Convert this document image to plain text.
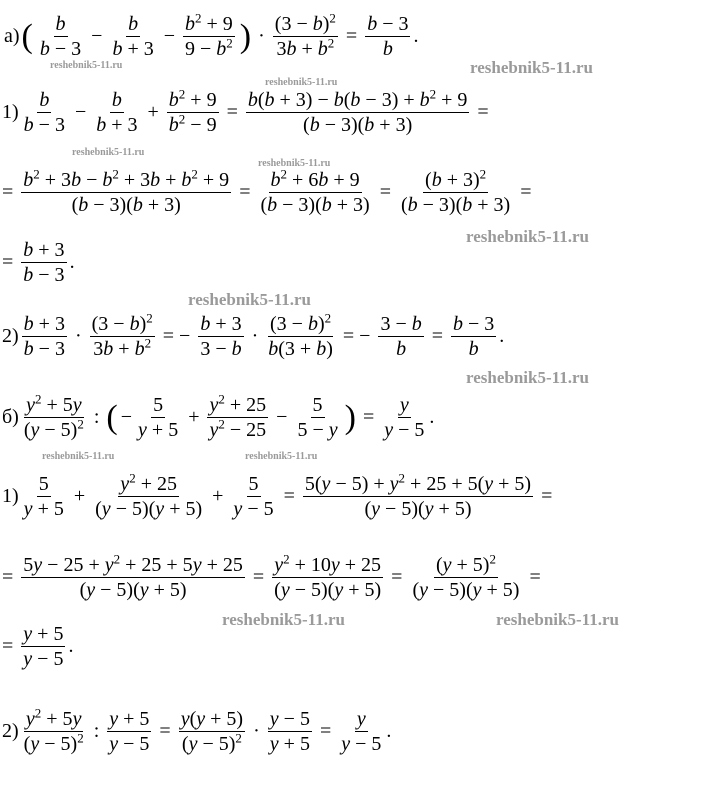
а) ( $\frac{b}{b - 3} - \frac{b}{b + 3} - \frac{b^2 + 9}{9 - b^2}$ ) · $\frac{(3 - b)^2}{3b + b^2} = \frac{b - 3}{b}$ .
$1) \frac{b}{b - 3} - \frac{b}{b + 3} + \frac{b^2 + 9}{b^2 - 9} = \frac{b(b + 3) - b(b - 3) + b^2 + 9}{(b - 3)(b + 3)}$ =
= $\frac{b^2 + 3b - b^2 + 3b + b^2 + 9}{(b - 3)(b + 3)} = \frac{b^2 + 6b + 9}{(b - 3)(b + 3)} = \frac{(b + 3)^2}{(b - 3)(b + 3)}$ =
= $\frac{b + 3}{b - 3}$ .
$2) \frac{b + 3}{b - 3} \cdot \frac{(3 - b)^2}{3b + b^2}$ = − $\frac{b + 3}{3 - b} \cdot \frac{(3 - b)^2}{b(3 + b)}$ = − $\frac{3 - b}{b} = \frac{b - 3}{b}$ .
$б) \frac{y^2 + 5y}{(y - 5)^2}$ : ( − $\frac{5}{y + 5} + \frac{y^2 + 25}{y^2 - 25} - \frac{5}{5 - y}$ ) = $\frac{y}{y - 5}$ .
$1) \frac{5}{y + 5} + \frac{y^2 + 25}{(y - 5)(y + 5)} + \frac{5}{y - 5} = \frac{5(y - 5) + y^2 + 25 + 5(y + 5)}{(y - 5)(y + 5)}$ =
= $\frac{5y - 25 + y^2 + 25 + 5y + 25}{(y - 5)(y + 5)} = \frac{y^2 + 10y + 25}{(y - 5)(y + 5)} = \frac{(y + 5)^2}{(y - 5)(y + 5)}$ =
= $\frac{y + 5}{y - 5}$ .
$2) \frac{y^2 + 5y}{(y - 5)^2}$ : $\frac{y + 5}{y - 5} = \frac{y(y + 5)}{(y - 5)^2} \cdot \frac{y - 5}{y + 5} = \frac{y}{y - 5}$ .
reshebnik5-11.ru	reshebnik5-11.ru
reshebnik5-11.ru
reshebnik5-11.ru
reshebnik5-11.ru
reshebnik5-11.ru
reshebnik5-11.ru
reshebnik5-11.ru
reshebnik5-11.ru	reshebnik5-11.ru
reshebnik5-11.ru	reshebnik5-11.ru
